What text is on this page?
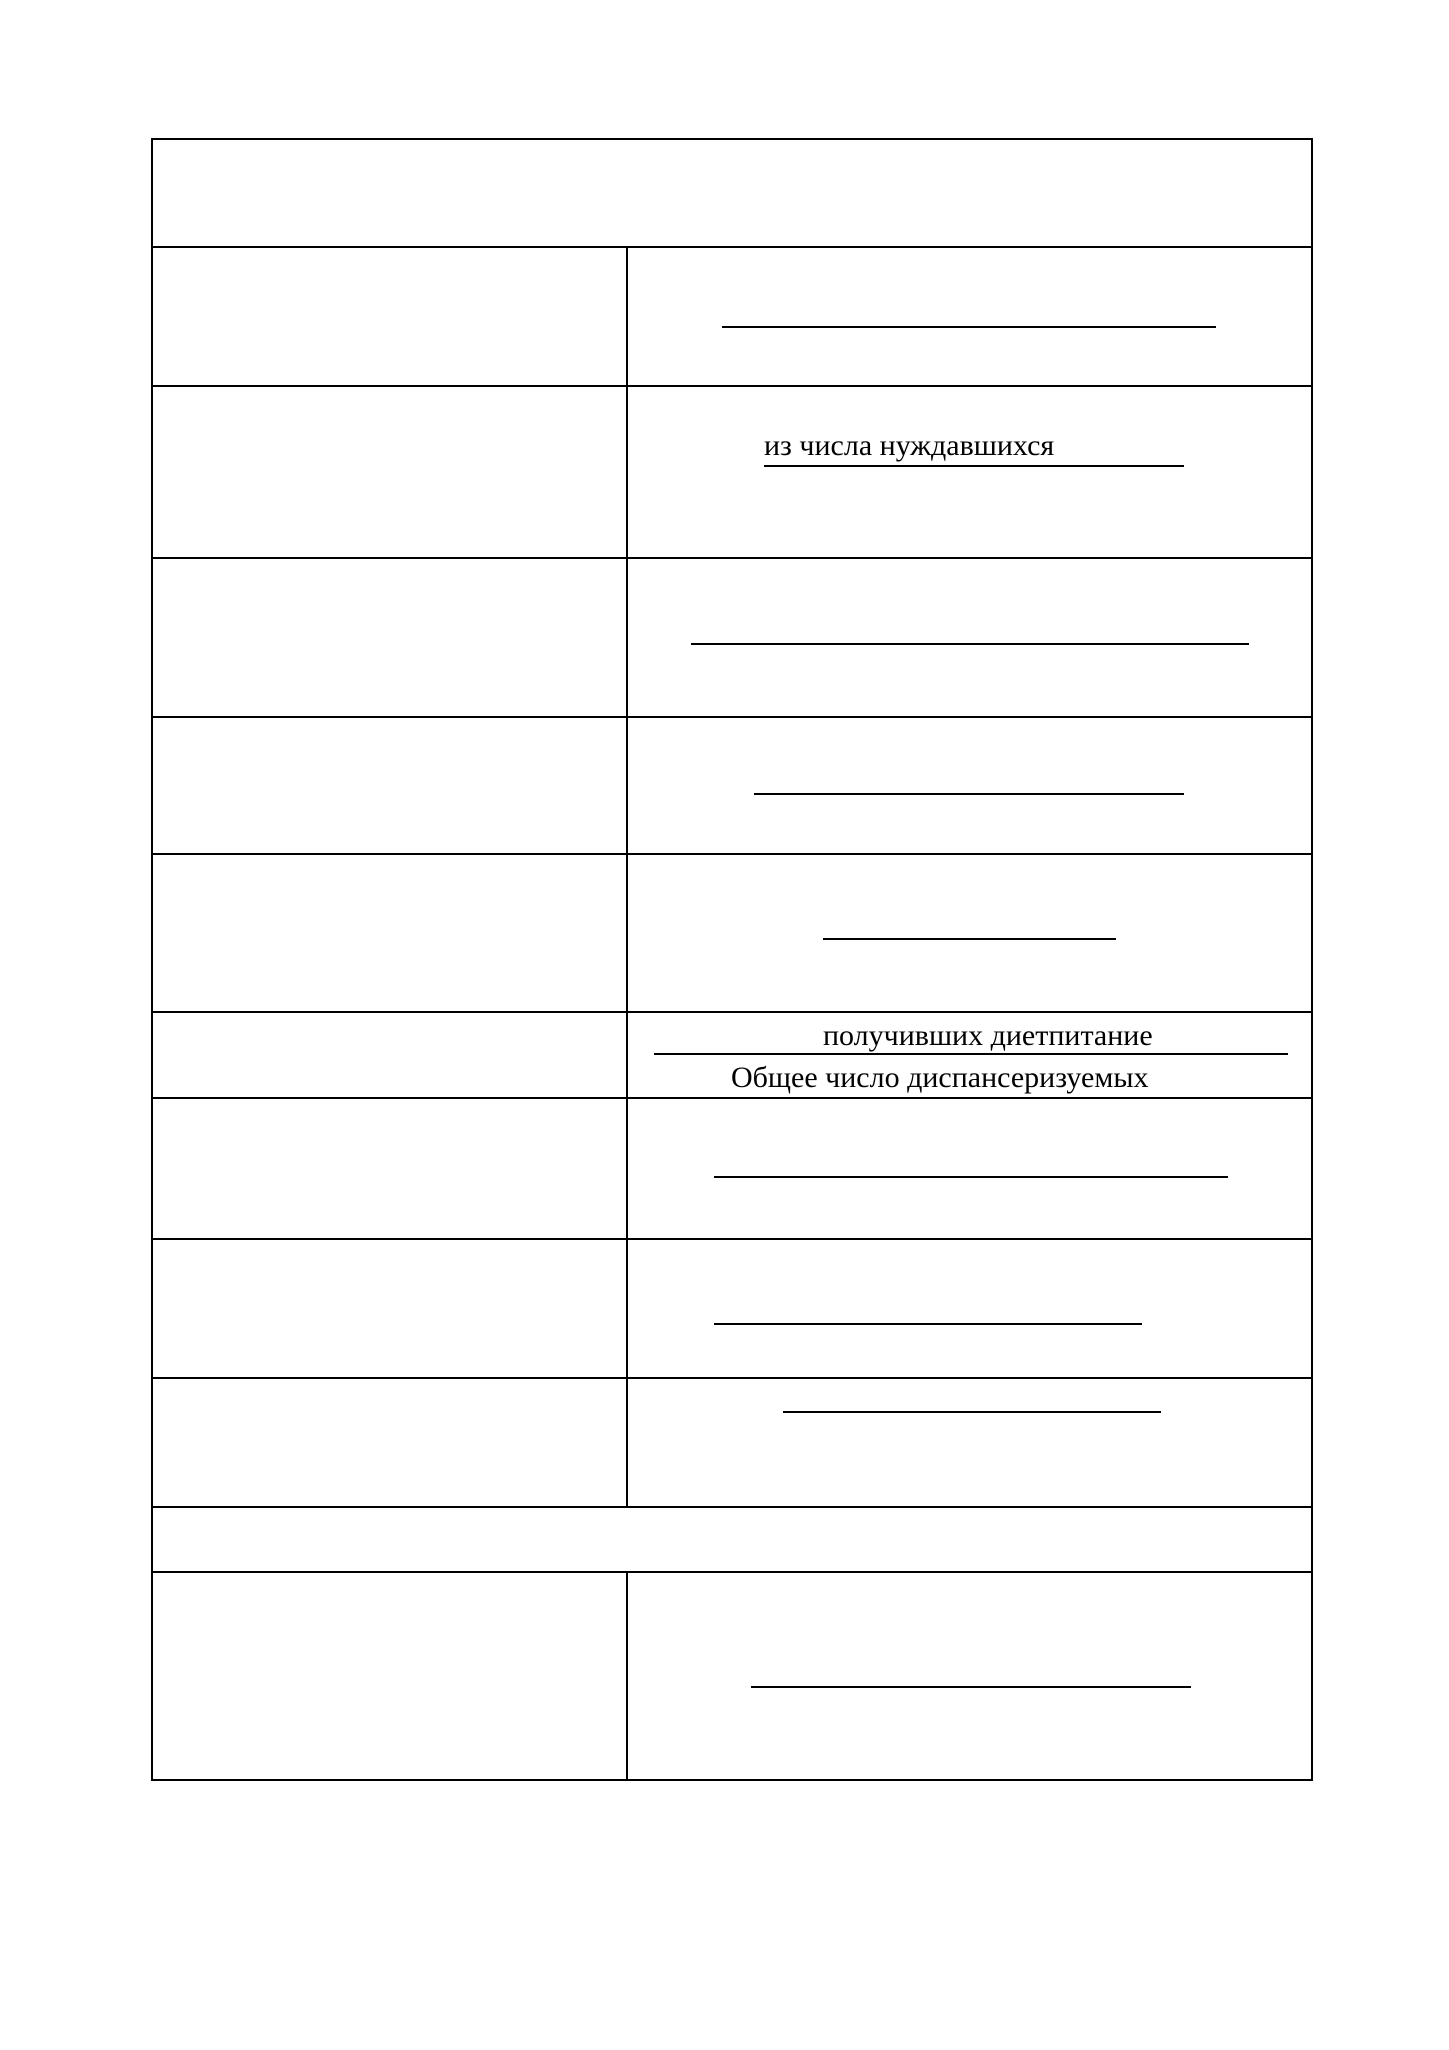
из числа нуждавшихся
получивших диетпитание
Общее число диспансеризуемых
